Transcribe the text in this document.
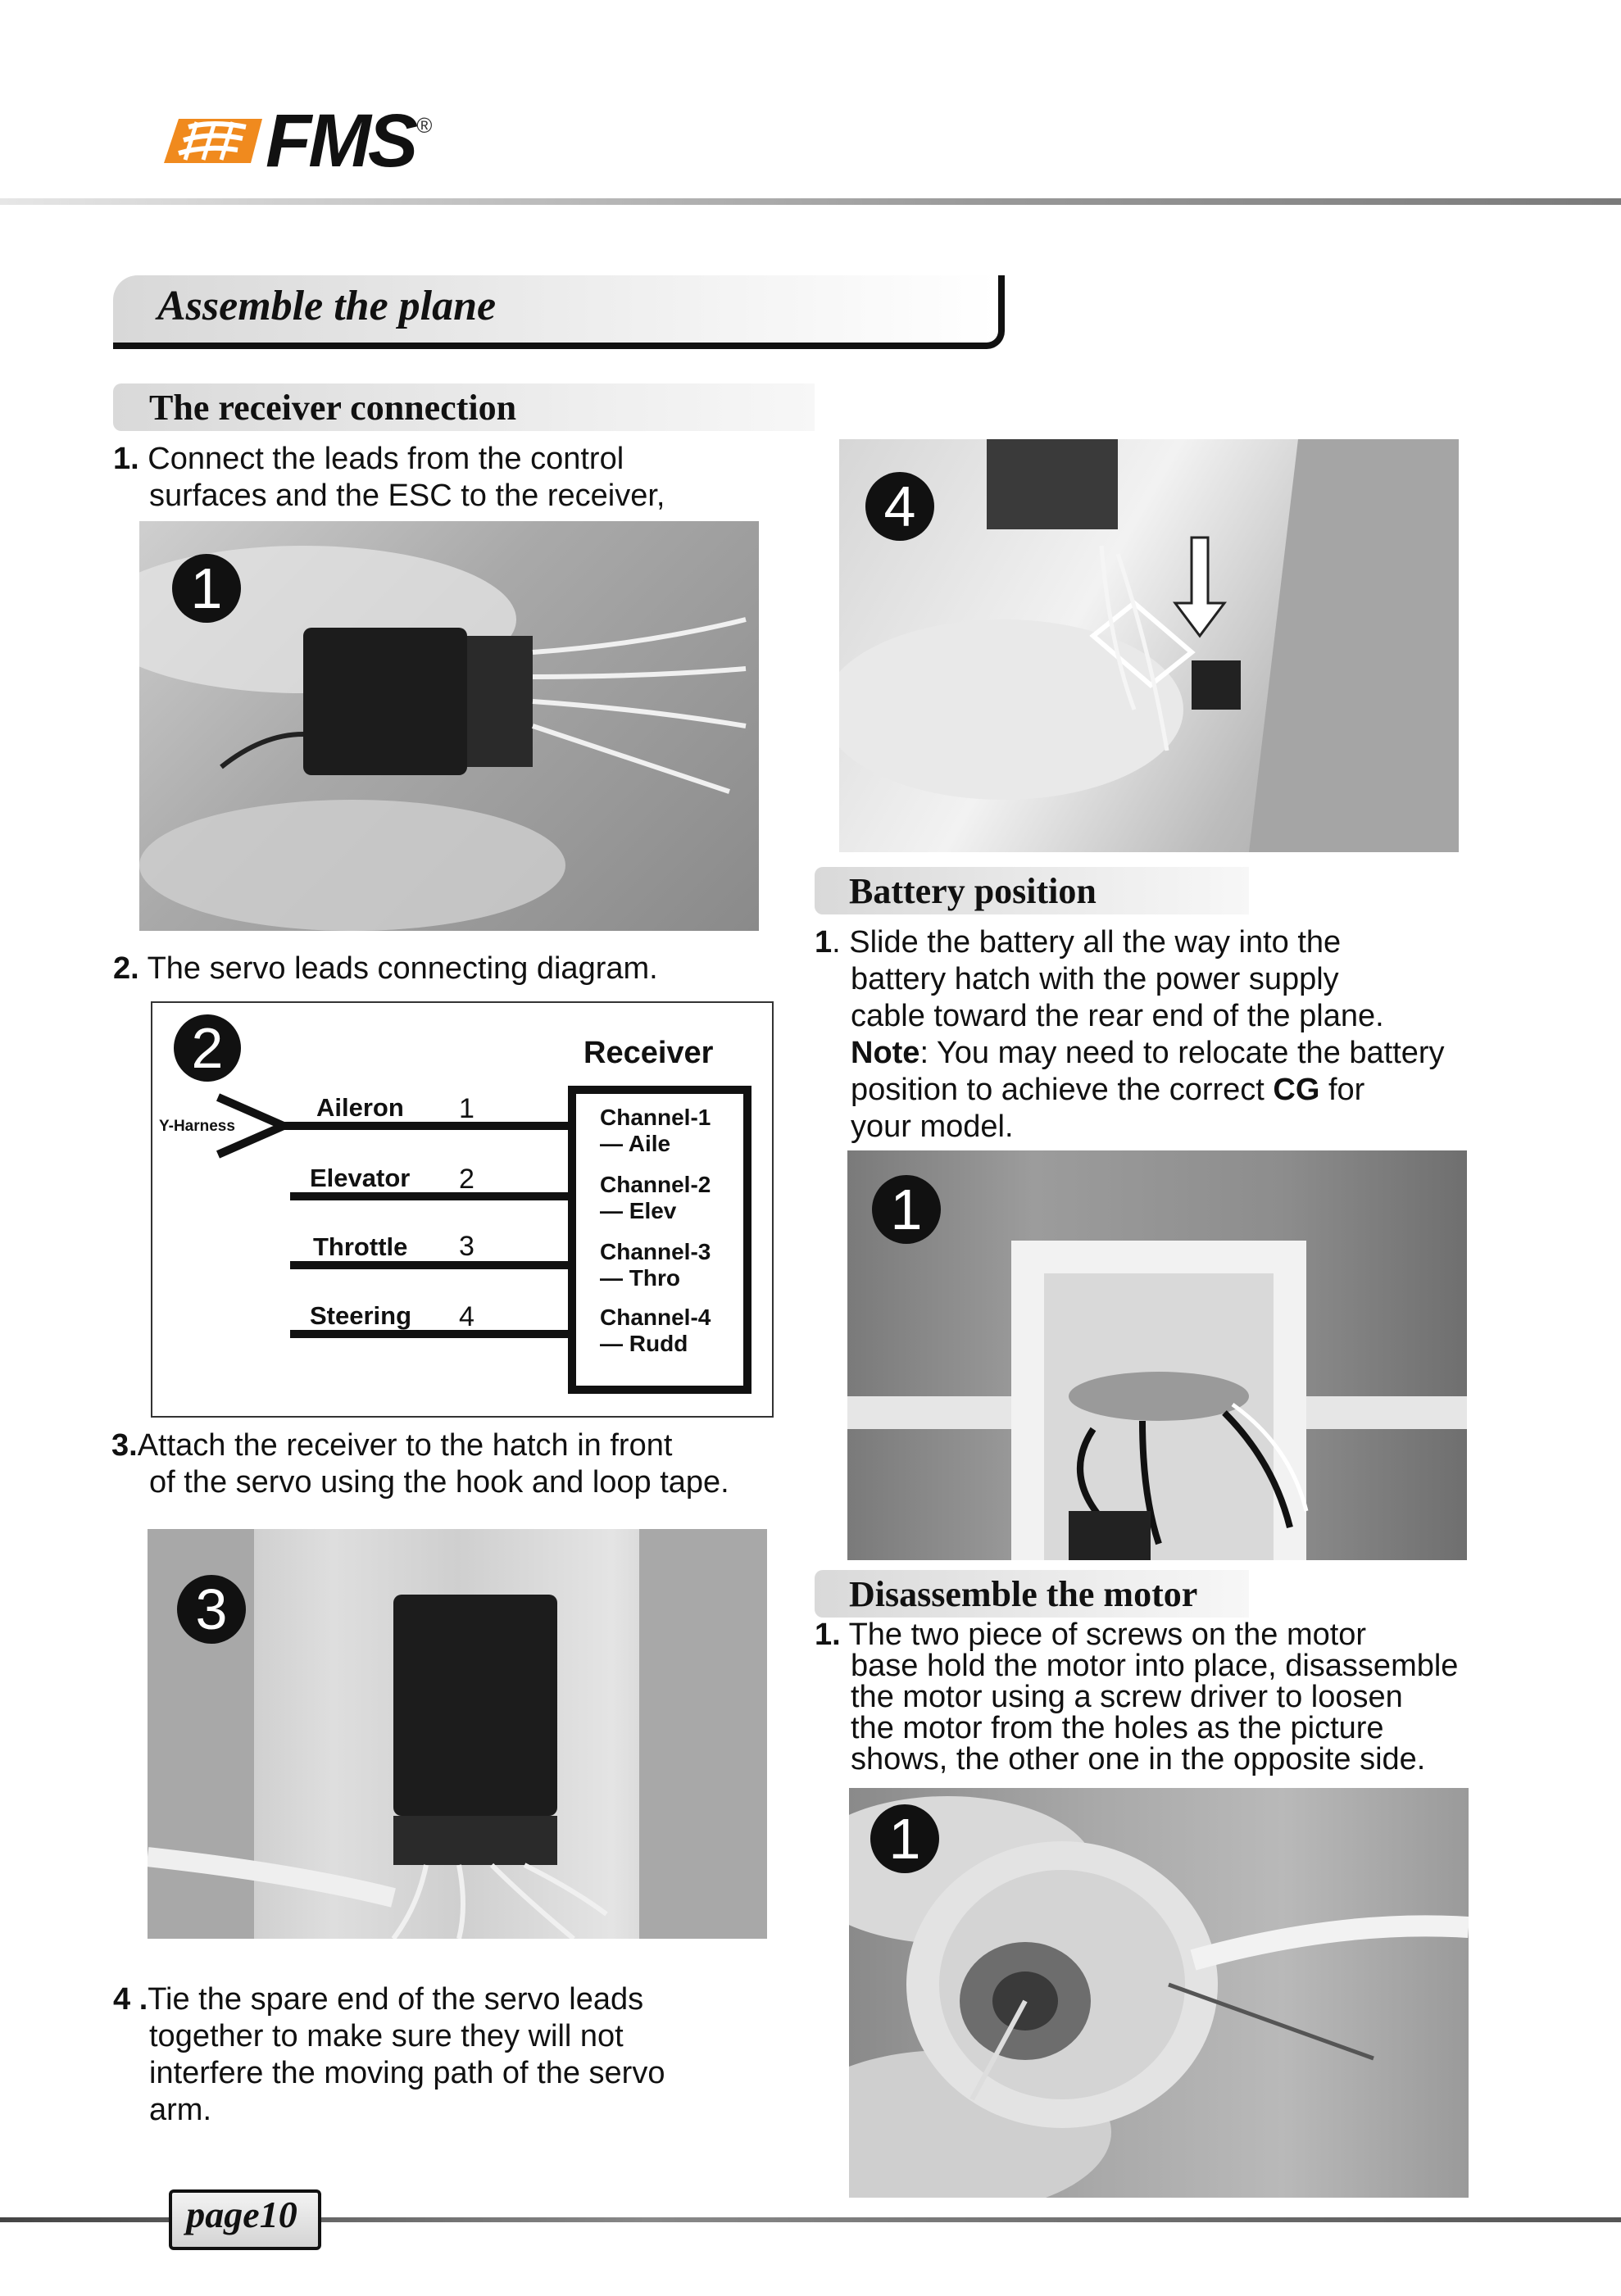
FMS ®
Assemble the plane
The receiver connection
1. Connect the leads from the control
surfaces and the ESC to the receiver,
1
2. The servo leads connecting diagram.
2	Receiver
Y-Harness
Aileron 1	Channel-1
— Aile
Elevator 2	Channel-2
— Elev
Throttle 3	Channel-3
— Thro
Steering 4	Channel-4
— Rudd
3.Attach the receiver to the hatch in front
of the servo using the hook and loop tape.
3
4 .Tie the spare end of the servo leads
together to make sure they will not
interfere the moving path of the servo
arm.
4
Battery position
1. Slide the battery all the way into the
battery hatch with the power supply
cable toward the rear end of the plane.
Note: You may need to relocate the battery
position to achieve the correct CG for
your model.
1
Disassemble the motor
1. The two piece of screws on the motor
base hold the motor into place, disassemble
the motor using a screw driver to loosen
the motor from the holes as the picture
shows, the other one in the opposite side.
1
page10
